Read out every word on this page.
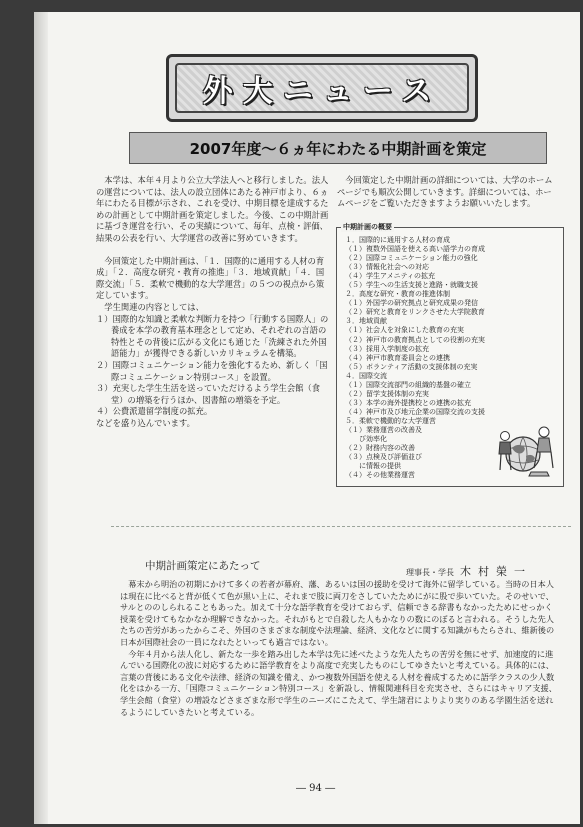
外大ニュース
2007年度～６ヵ年にわたる中期計画を策定

本学は、本年４月より公立大学法人へと移行しました。法人の運営については、法人の設立団体にあたる神戸市より、６ヵ年にわたる目標が示され、これを受け、中期目標を達成するための計画として中期計画を策定しました。今後、この中期計画に基づき運営を行い、その実績について、毎年、点検・評価、結果の公表を行い、大学運営の改善に努めていきます。

今回策定した中期計画は、「１．国際的に通用する人材の育成」「２．高度な研究・教育の推進」「３．地域貢献」「４．国際交流」「５．柔軟で機動的な大学運営」の５つの視点から策定しています。

学生関連の内容としては、

１）国際的な知識と柔軟な判断力を持つ「行動する国際人」の養成を本学の教育基本理念として定め、それぞれの言語の特性とその背後に広がる文化にも通じた「洗練された外国語能力」が獲得できる新しいカリキュラムを構築。

２）国際コミュニケーション能力を強化するため、新しく「国際コミュニケーション特別コース」を設置。

３）充実した学生生活を送っていただけるよう学生会館（食堂）の増築を行うほか、図書館の増築を予定。

４）公費派遣留学制度の拡充。

などを盛り込んでいます。

今回策定した中期計画の詳細については、大学のホームページでも順次公開していきます。詳細については、ホームページをご覧いただきますようお願いいたします。

中期計画の概要
１．国際的に通用する人材の育成
（１）複数外国語を使える高い語学力の育成
（２）国際コミュニケーション能力の強化
（３）情報化社会への対応
（４）学生アメニティの拡充
（５）学生への生活支援と進路・就職支援
２．高度な研究・教育の推進体制
（１）外国学の研究拠点と研究成果の発信
（２）研究と教育をリンクさせた大学院教育
３．地域貢献
（１）社会人を対象にした教育の充実
（２）神戸市の教育拠点としての役割の充実
（３）採用入学制度の拡充
（４）神戸市教育委員会との連携
（５）ボランティア活動の支援体制の充実
４．国際交流
（１）国際交流部門の組織的基盤の確立
（２）留学支援体制の充実
（３）本学の海外提携校との連携の拡充
（４）神戸市及び地元企業の国際交流の支援
５．柔軟で機動的な大学運営
（１）業務運営の改善及
　　び効率化
（２）財務内容の改善
（３）点検及び評価並び
　　に情報の提供
（４）その他業務運営
中期計画策定にあたって
理事長・学長 木村榮一

幕末から明治の初期にかけて多くの若者が幕府、藩、あるいは国の援助を受けて海外に留学している。当時の日本人は現在に比べると背が低くて色が黒い上に、それまで肢に両刀をさしていたためにがに股で歩いていた。そのせいで、サルとののしられることもあった。加えて十分な語学教育を受けておらず、信頼できる辞書もなかったためにせっかく授業を受けてもなかなか理解できなかった。それがもとで自殺した人もかなりの数にのぼると言われる。そうした先人たちの苦労があったからこそ、外国のさまざまな制度や法理論、経済、文化などに関する知識がもたらされ、維新後の日本が国際社会の一員になれたといっても過言ではない。

今年４月から法人化し、新たな一歩を踏み出した本学は先に述べたような先人たちの苦労を無にせず、加速度的に進んでいる国際化の波に対応するために語学教育をより高度で充実したものにしてゆきたいと考えている。具体的には、言葉の背後にある文化や法律、経済の知識を備え、かつ複数外国語を使える人材を養成するために語学クラスの少人数化をはかる一方、「国際コミュニケーション特別コース」を新設し、情報関連科目を充実させ、さらにはキャリア支援、学生会館（食堂）の増設などさまざまな形で学生のニーズにこたえて、学生諸君によりより実りのある学園生活を送れるようにしていきたいと考えている。

― 94 ―
